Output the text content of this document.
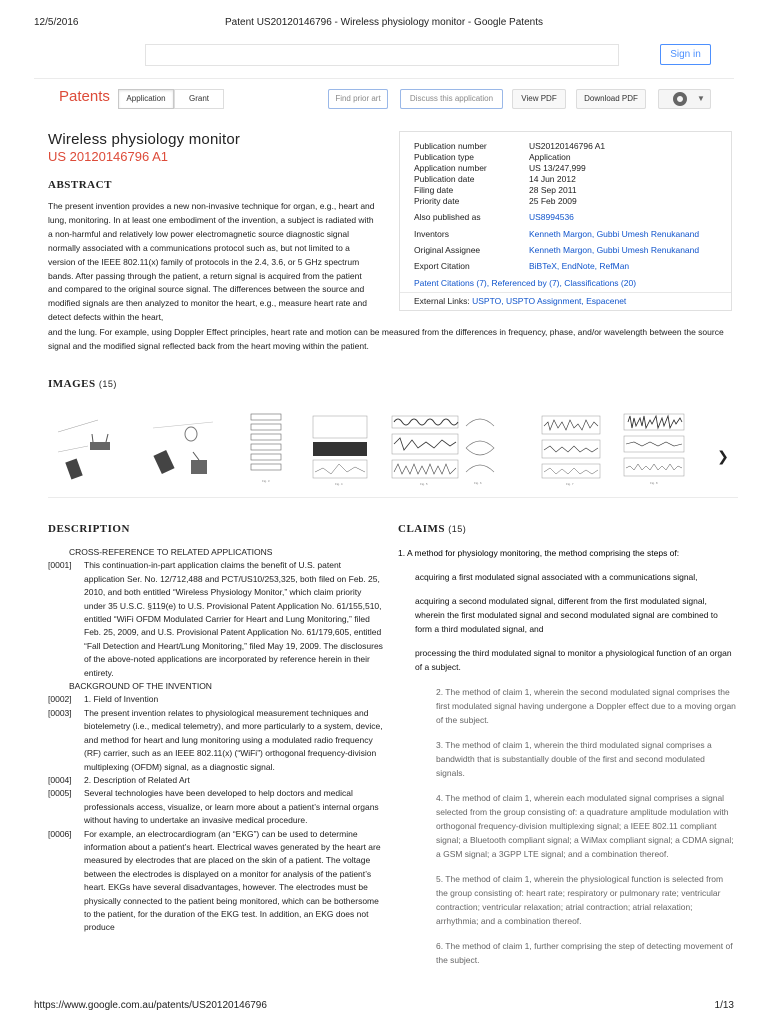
12/5/2016	Patent US20120146796 - Wireless physiology monitor - Google Patents
Sign in
Patents	Application	Grant	Find prior art	Discuss this application	View PDF	Download PDF	▼
Wireless physiology monitor
US 20120146796 A1
Publication number	US20120146796 A1
Publication type	Application
Application number	US 13/247,999
Publication date	14 Jun 2012
Filing date	28 Sep 2011
Priority date	25 Feb 2009
Also published as	US8994536
Inventors	Kenneth Margon, Gubbi Umesh Renukanand
Original Assignee	Kenneth Margon, Gubbi Umesh Renukanand
Export Citation	BiBTeX, EndNote, RefMan
Patent Citations (7), Referenced by (7), Classifications (20)
External Links: USPTO, USPTO Assignment, Espacenet
ABSTRACT
The present invention provides a new non-invasive technique for organ, e.g., heart and lung, monitoring. In at least one embodiment of the invention, a subject is radiated with a non-harmful and relatively low power electromagnetic source diagnostic signal normally associated with a communications protocol such as, but not limited to a version of the IEEE 802.11(x) family of protocols in the 2.4, 3.6, or 5 GHz spectrum bands. After passing through the patient, a return signal is acquired from the patient and compared to the original source signal. The differences between the source and modified signals are then analyzed to monitor the heart, e.g., measure heart rate and detect defects within the heart,
and the lung. For example, using Doppler Effect principles, heart rate and motion can be measured from the differences in frequency, phase, and/or wavelength between the source signal and the modified signal reflected back from the heart moving within the patient.
IMAGES (15)
Fig. 3
Fig. 4	Fig. 5	Fig. 6	Fig. 7	Fig. 8
❯
DESCRIPTION
CROSS-REFERENCE TO RELATED APPLICATIONS
[0001]	This continuation-in-part application claims the benefit of U.S. patent application Ser. No. 12/712,488 and PCT/US10/253,325, both filed on Feb. 25, 2010, and both entitled “Wireless Physiology Monitor,” which claim priority under 35 U.S.C. §119(e) to U.S. Provisional Patent Application No. 61/155,510, entitled “WiFi OFDM Modulated Carrier for Heart and Lung Monitoring,” filed Feb. 25, 2009, and U.S. Provisional Patent Application No. 61/179,605, entitled “Fall Detection and Heart/Lung Monitoring,” filed May 19, 2009. The disclosures of the above-noted applications are incorporated by reference herein in their entirety.
BACKGROUND OF THE INVENTION
[0002]	1. Field of Invention
[0003]	The present invention relates to physiological measurement techniques and biotelemetry (i.e., medical telemetry), and more particularly to a system, device, and method for heart and lung monitoring using a modulated radio frequency (RF) carrier, such as an IEEE 802.11(x) (“WiFi”) orthogonal frequency-division multiplexing (OFDM) signal, as a diagnostic signal.
[0004]	2. Description of Related Art
[0005]	Several technologies have been developed to help doctors and medical professionals access, visualize, or learn more about a patient’s internal organs without having to undertake an invasive medical procedure.
[0006]	For example, an electrocardiogram (an “EKG”) can be used to determine information about a patient’s heart. Electrical waves generated by the heart are measured by electrodes that are placed on the skin of a patient. The voltage between the electrodes is displayed on a monitor for analysis of the patient’s heart. EKGs have several disadvantages, however. The electrodes must be physically connected to the patient being monitored, which can be bothersome to the patient, for the duration of the EKG test. In addition, an EKG does not produce
CLAIMS (15)
1. A method for physiology monitoring, the method comprising the steps of:
acquiring a first modulated signal associated with a communications signal,
acquiring a second modulated signal, different from the first modulated signal, wherein the first modulated signal and second modulated signal are combined to form a third modulated signal, and
processing the third modulated signal to monitor a physiological function of an organ of a subject.
2. The method of claim 1, wherein the second modulated signal comprises the first modulated signal having undergone a Doppler effect due to a moving organ of the subject.
3. The method of claim 1, wherein the third modulated signal comprises a bandwidth that is substantially double of the first and second modulated signals.
4. The method of claim 1, wherein each modulated signal comprises a signal selected from the group consisting of: a quadrature amplitude modulation with orthogonal frequency-division multiplexing signal; a IEEE 802.11 compliant signal; a Bluetooth compliant signal; a WiMax compliant signal; a CDMA signal; a GSM signal; a 3GPP LTE signal; and a combination thereof.
5. The method of claim 1, wherein the physiological function is selected from the group consisting of: heart rate; respiratory or pulmonary rate; ventricular contraction; ventricular relaxation; atrial contraction; atrial relaxation; arrhythmia; and a combination thereof.
6. The method of claim 1, further comprising the step of detecting movement of the subject.
https://www.google.com.au/patents/US20120146796	1/13
